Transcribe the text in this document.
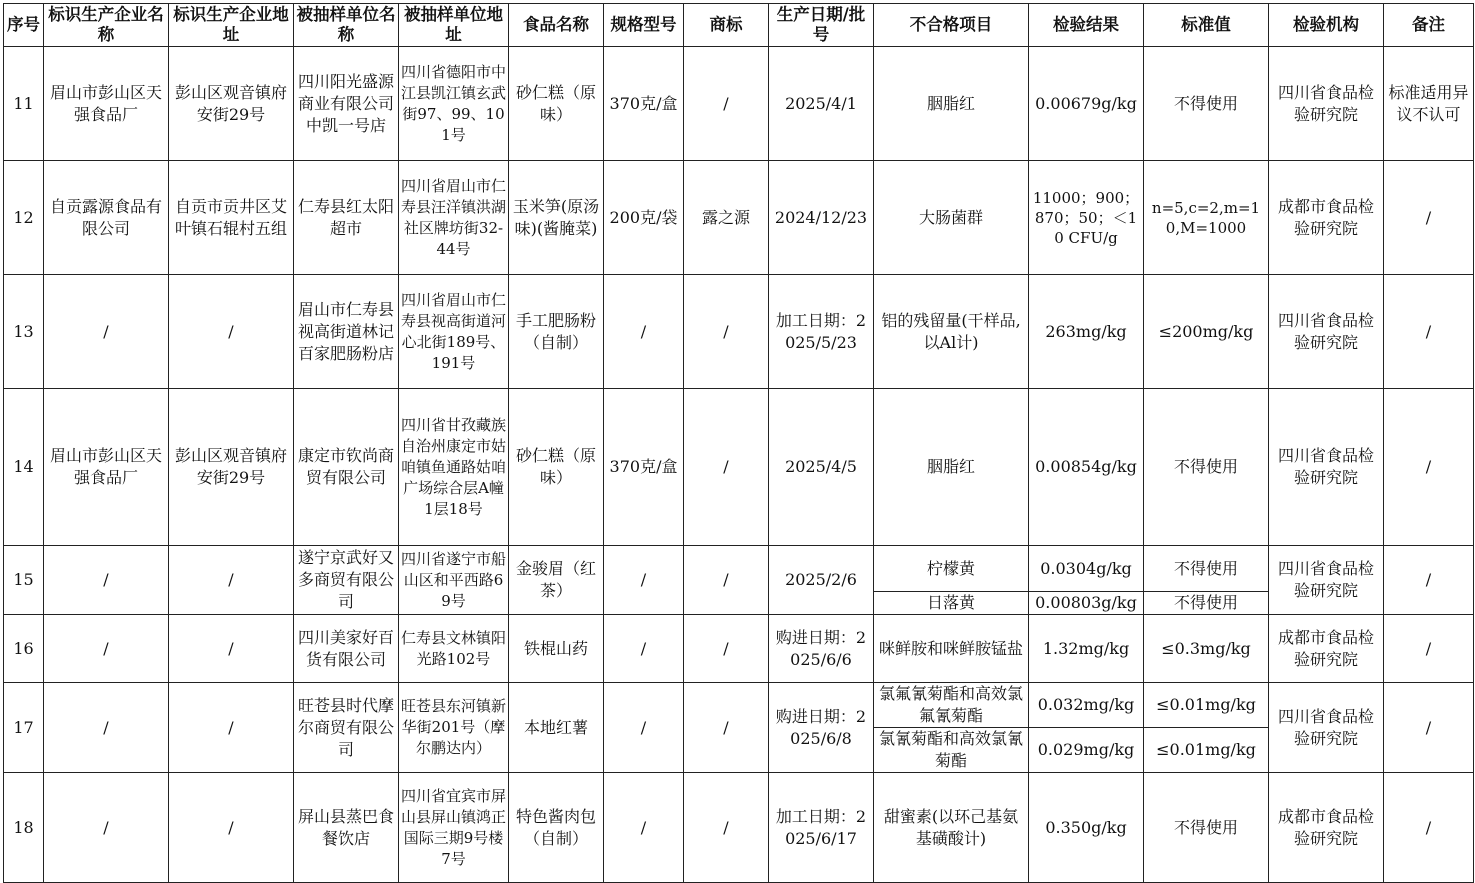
序号	标识生产企业名称	标识生产企业地址	被抽样单位名称	被抽样单位地址	食品名称	规格型号	商标	生产日期/批号	不合格项目	检验结果	标准值	检验机构	备注
11	眉山市彭山区天强食品厂	彭山区观音镇府安街29号	四川阳光盛源商业有限公司中凯一号店	四川省德阳市中江县凯江镇玄武街97、99、101号	砂仁糕（原味）	370克/盒	/	2025/4/1	胭脂红	0.00679g/kg	不得使用	四川省食品检验研究院	标准适用异议不认可
12	自贡露源食品有限公司	自贡市贡井区艾叶镇石辊村五组	仁寿县红太阳超市	四川省眉山市仁寿县汪洋镇洪湖社区牌坊街32-44号	玉米笋(原汤味)(酱腌菜)	200克/袋	露之源	2024/12/23	大肠菌群	11000；900；870；50；＜10 CFU/g	n=5,c=2,m=10,M=1000	成都市食品检验研究院	/
13	/	/	眉山市仁寿县视高街道林记百家肥肠粉店	四川省眉山市仁寿县视高街道河心北街189号、191号	手工肥肠粉（自制）	/	/	加工日期：2025/5/23	铝的残留量(干样品,以Al计)	263mg/kg	≤200mg/kg	四川省食品检验研究院	/
14	眉山市彭山区天强食品厂	彭山区观音镇府安街29号	康定市钦尚商贸有限公司	四川省甘孜藏族自治州康定市姑咱镇鱼通路姑咱广场综合层A幢1层18号	砂仁糕（原味）	370克/盒	/	2025/4/5	胭脂红	0.00854g/kg	不得使用	四川省食品检验研究院	/
15	/	/	遂宁京武好又多商贸有限公司	四川省遂宁市船山区和平西路69号	金骏眉（红茶）	/	/	2025/2/6	柠檬黄	0.0304g/kg	不得使用	四川省食品检验研究院	/
									日落黄	0.00803g/kg	不得使用		
16	/	/	四川美家好百货有限公司	仁寿县文林镇阳光路102号	铁棍山药	/	/	购进日期：2025/6/6	咪鲜胺和咪鲜胺锰盐	1.32mg/kg	≤0.3mg/kg	成都市食品检验研究院	/
17	/	/	旺苍县时代摩尔商贸有限公司	旺苍县东河镇新华街201号（摩尔鹏达内）	本地红薯	/	/	购进日期：2025/6/8	氯氟氰菊酯和高效氯氟氰菊酯	0.032mg/kg	≤0.01mg/kg	四川省食品检验研究院	/
									氯氰菊酯和高效氯氰菊酯	0.029mg/kg	≤0.01mg/kg		
18	/	/	屏山县蒸巴食餐饮店	四川省宜宾市屏山县屏山镇鸿正国际三期9号楼7号	特色酱肉包（自制）	/	/	加工日期：2025/6/17	甜蜜素(以环己基氨基磺酸计)	0.350g/kg	不得使用	成都市食品检验研究院	/
